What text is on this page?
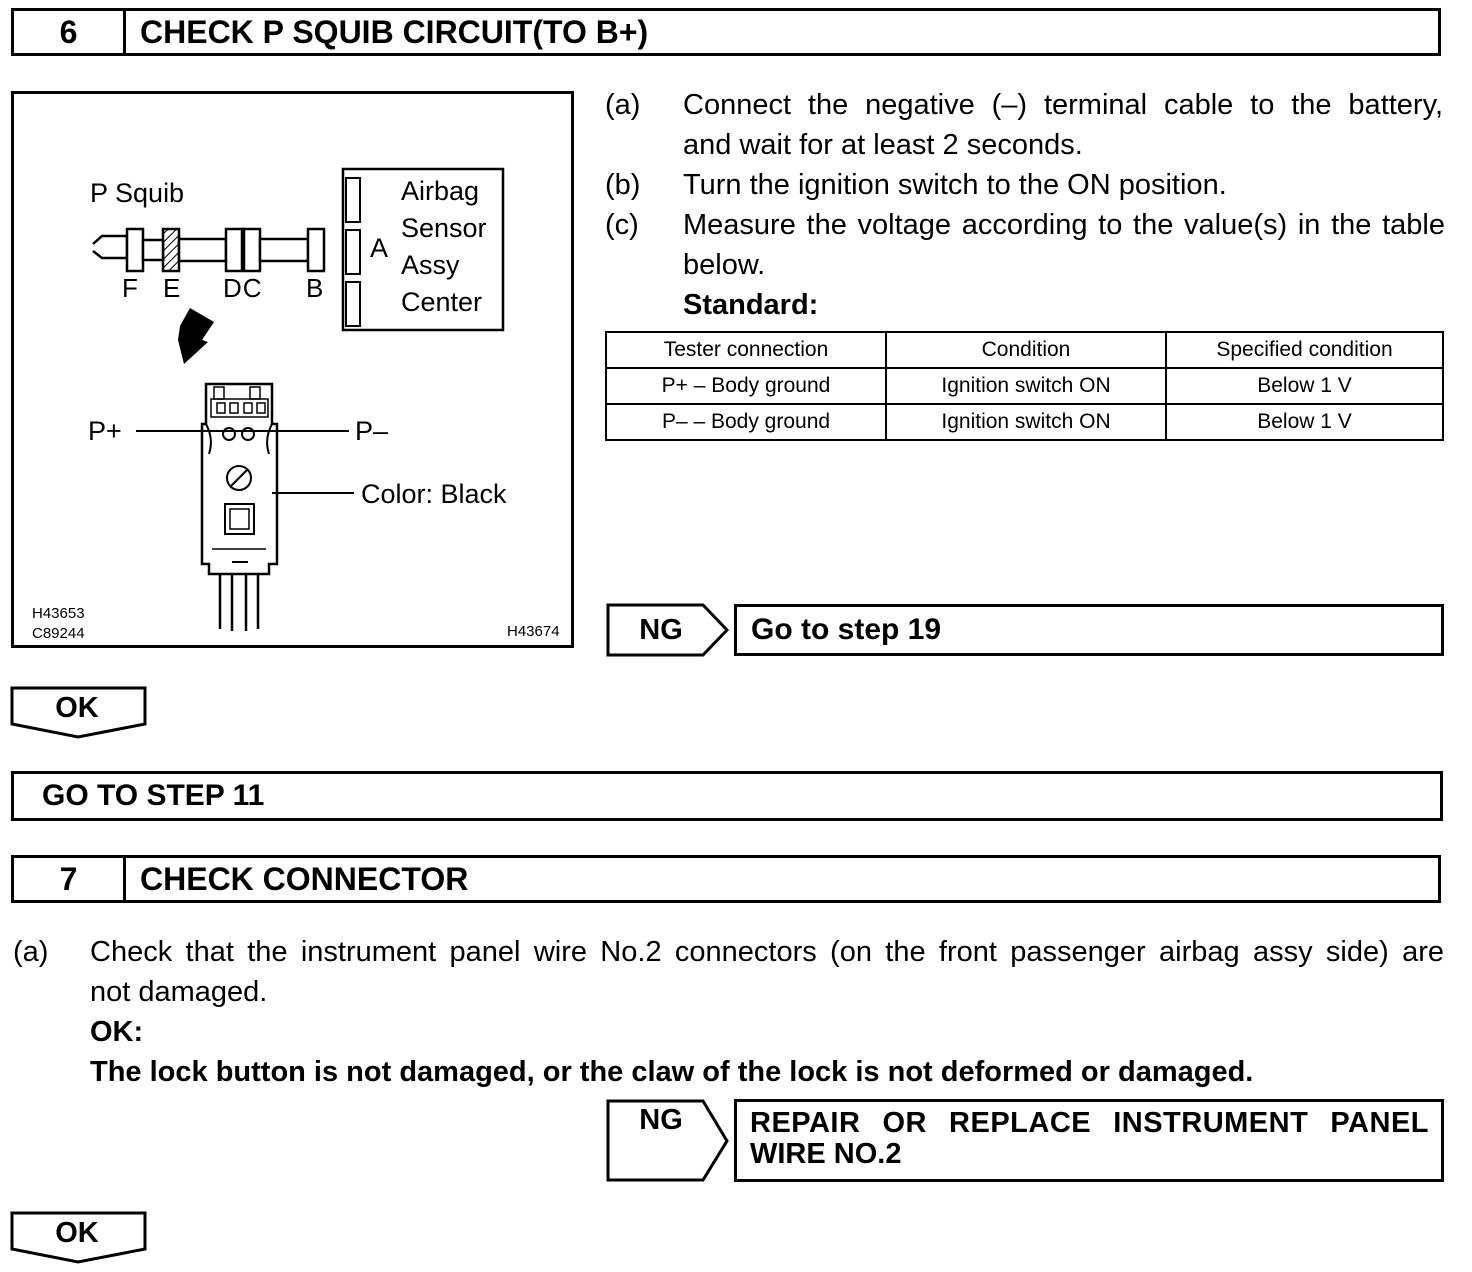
6	CHECK P SQUIB CIRCUIT(TO B+)
P Squib	Airbag
Sensor
Assy
Center
A
F E DC B
P+	P–
Color: Black
H43653
C89244	H43674
(a) Connect the negative (–) terminal cable to the battery,
and wait for at least 2 seconds.
(b) Turn the ignition switch to the ON position.
(c) Measure the voltage according to the value(s) in the table
below.
Standard:
Tester connection	Condition	Specified condition
P+ – Body ground	Ignition switch ON	Below 1 V
P– – Body ground	Ignition switch ON	Below 1 V
NG	Go to step 19
OK
GO TO STEP 11
7	CHECK CONNECTOR
(a) Check that the instrument panel wire No.2 connectors (on the front passenger airbag assy side) are
not damaged.
OK:
The lock button is not damaged, or the claw of the lock is not deformed or damaged.
NG	REPAIR OR REPLACE INSTRUMENT PANEL
WIRE NO.2
OK
